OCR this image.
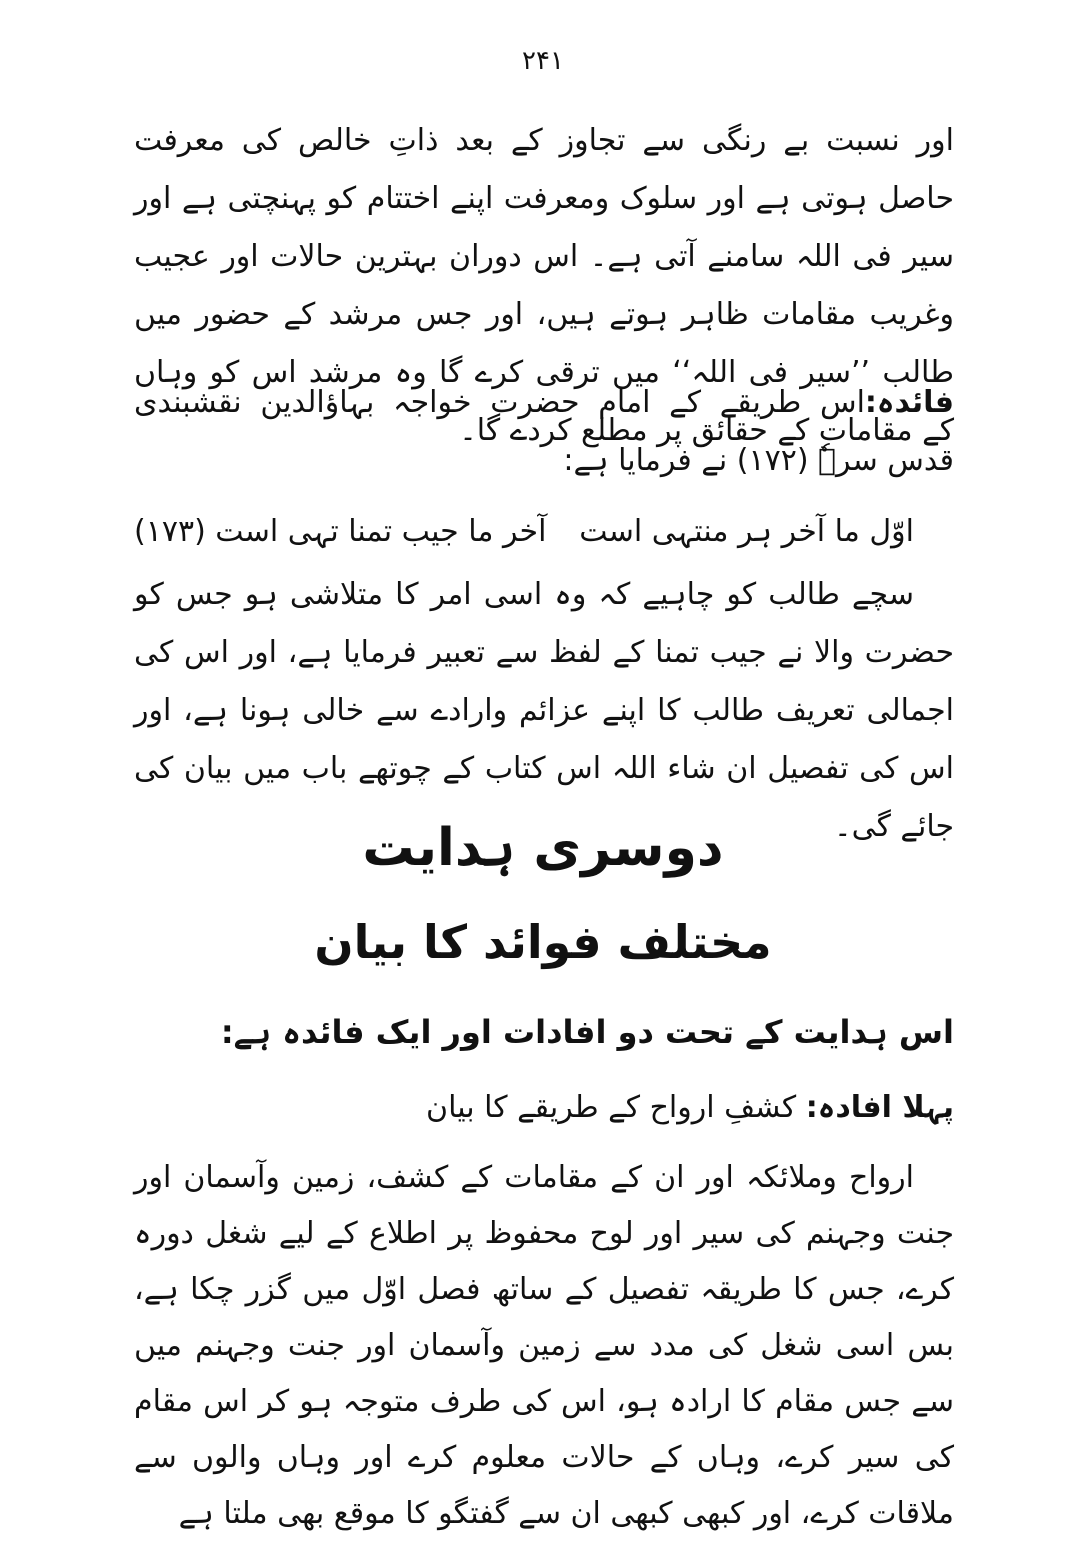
۲۴۱

اور نسبت بے رنگی سے تجاوز کے بعد ذاتِ خالص کی معرفت حاصل ہوتی ہے اور سلوک ومعرفت اپنے اختتام کو پہنچتی ہے اور سیر فی اللہ سامنے آتی ہے۔ اس دوران بہترین حالات اور عجیب وغریب مقامات ظاہر ہوتے ہیں، اور جس مرشد کے حضور میں طالب ’’سیر فی اللہ‘‘ میں ترقی کرے گا وہ مرشد اس کو وہاں کے مقامات کے حقائق پر مطلع کردے گا۔

فائدہ:اس طریقے کے امام حضرت خواجہ بہاؤالدین نقشبندی قدس سرہٗ (۱۷۲) نے فرمایا ہے:

اوّل ما آخر ہر منتہی است
آخر ما جیب تمنا تہی است (۱۷۳)

سچے طالب کو چاہیے کہ وہ اسی امر کا متلاشی ہو جس کو حضرت والا نے جیب تمنا کے لفظ سے تعبیر فرمایا ہے، اور اس کی اجمالی تعریف طالب کا اپنے عزائم وارادے سے خالی ہونا ہے، اور اس کی تفصیل ان شاء اللہ اس کتاب کے چوتھے باب میں بیان کی جائے گی۔

دوسری ہدایت
مختلف فوائد کا بیان
اس ہدایت کے تحت دو افادات اور ایک فائدہ ہے:
پہلا افادہ: کشفِ ارواح کے طریقے کا بیان

ارواح وملائکہ اور ان کے مقامات کے کشف، زمین وآسمان اور جنت وجہنم کی سیر اور لوح محفوظ پر اطلاع کے لیے شغل دورہ کرے، جس کا طریقہ تفصیل کے ساتھ فصل اوّل میں گزر چکا ہے، بس اسی شغل کی مدد سے زمین وآسمان اور جنت وجہنم میں سے جس مقام کا ارادہ ہو، اس کی طرف متوجہ ہو کر اس مقام کی سیر کرے، وہاں کے حالات معلوم کرے اور وہاں والوں سے ملاقات کرے، اور کبھی کبھی ان سے گفتگو کا موقع بھی ملتا ہے
